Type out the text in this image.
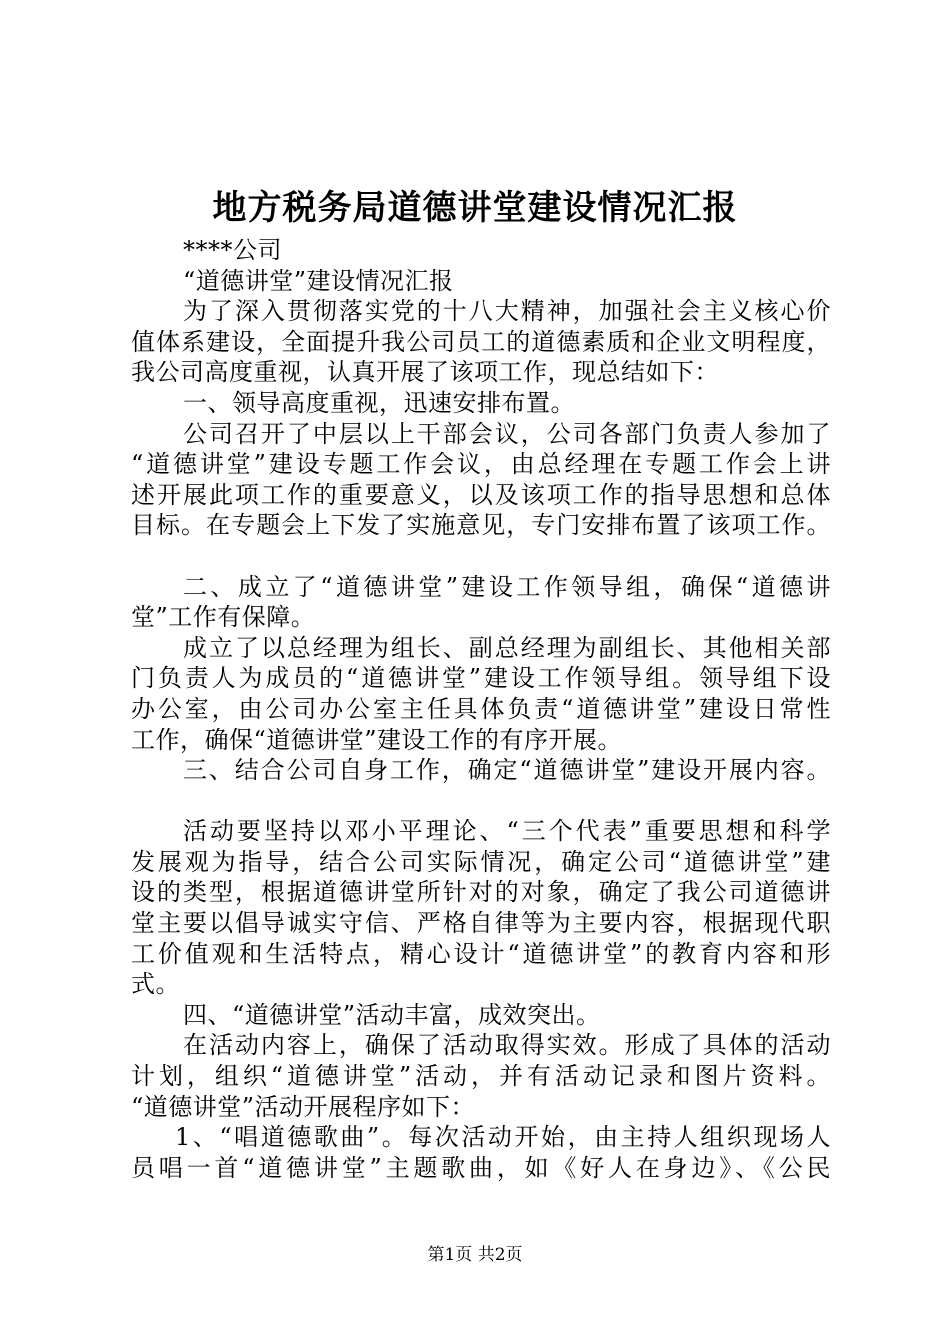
地方税务局道德讲堂建设情况汇报
****公司
“道德讲堂”建设情况汇报
为了深入贯彻落实党的十八大精神，加强社会主义核心价
值体系建设，全面提升我公司员工的道德素质和企业文明程度，
我公司高度重视，认真开展了该项工作，现总结如下：
一、领导高度重视，迅速安排布置。
公司召开了中层以上干部会议，公司各部门负责人参加了
“道德讲堂”建设专题工作会议，由总经理在专题工作会上讲
述开展此项工作的重要意义，以及该项工作的指导思想和总体
目标。在专题会上下发了实施意见，专门安排布置了该项工作。
二、成立了“道德讲堂”建设工作领导组，确保“道德讲
堂”工作有保障。
成立了以总经理为组长、副总经理为副组长、其他相关部
门负责人为成员的“道德讲堂”建设工作领导组。领导组下设
办公室，由公司办公室主任具体负责“道德讲堂”建设日常性
工作，确保“道德讲堂”建设工作的有序开展。
三、结合公司自身工作，确定“道德讲堂”建设开展内容。
活动要坚持以邓小平理论、“三个代表”重要思想和科学
发展观为指导，结合公司实际情况，确定公司“道德讲堂”建
设的类型，根据道德讲堂所针对的对象，确定了我公司道德讲
堂主要以倡导诚实守信、严格自律等为主要内容，根据现代职
工价值观和生活特点，精心设计“道德讲堂”的教育内容和形
式。
四、“道德讲堂”活动丰富，成效突出。
在活动内容上，确保了活动取得实效。形成了具体的活动
计划，组织“道德讲堂”活动，并有活动记录和图片资料。
“道德讲堂”活动开展程序如下：
1、“唱道德歌曲”。每次活动开始，由主持人组织现场人
员唱一首“道德讲堂”主题歌曲，如《好人在身边》、《公民
第1页 共2页
